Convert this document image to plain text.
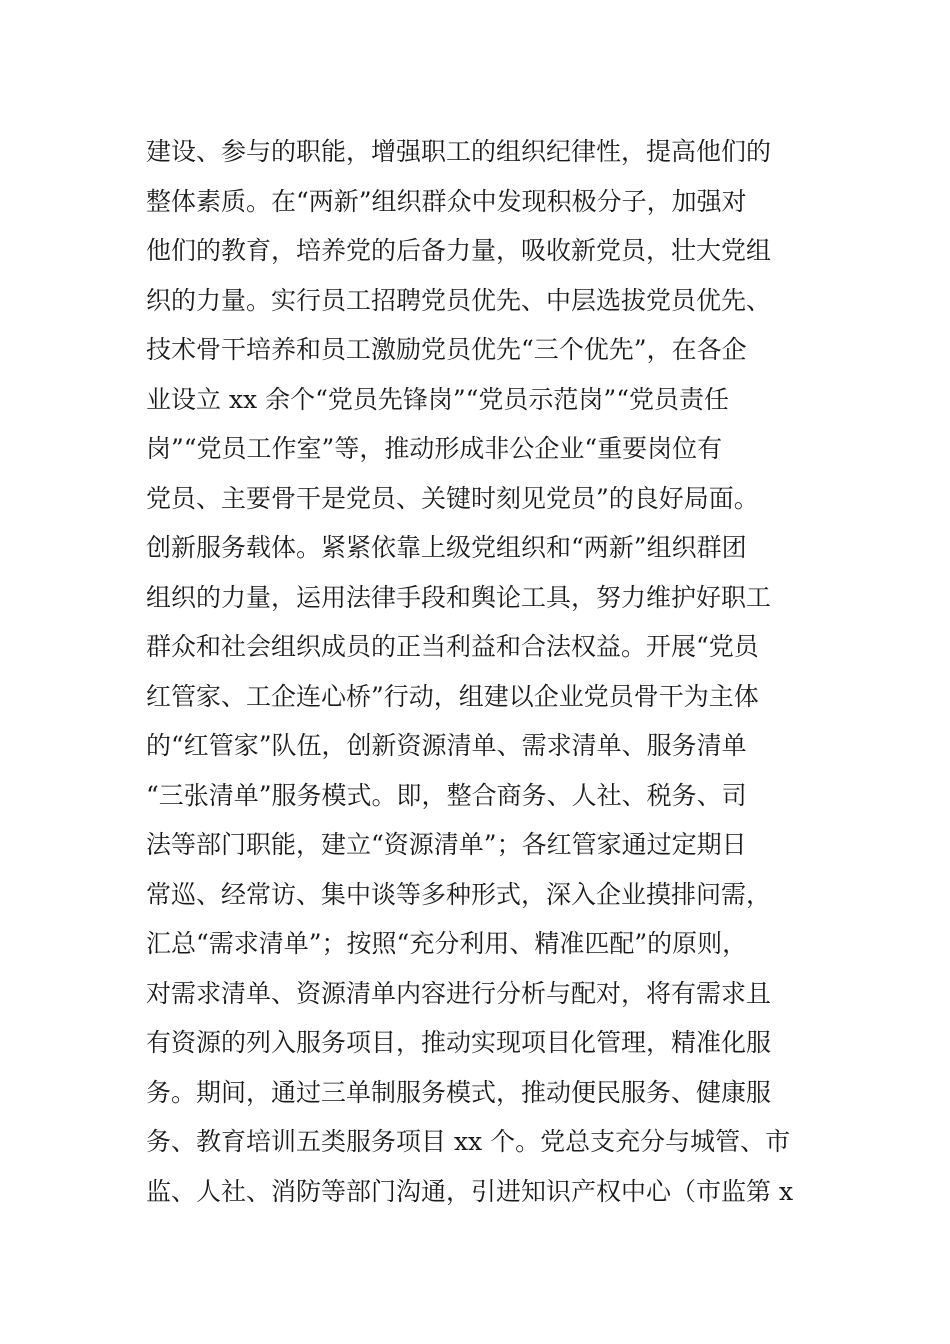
建设、参与的职能，增强职工的组织纪律性，提高他们的
整体素质。在“两新”组织群众中发现积极分子，加强对
他们的教育，培养党的后备力量，吸收新党员，壮大党组
织的力量。实行员工招聘党员优先、中层选拔党员优先、
技术骨干培养和员工激励党员优先“三个优先”，在各企
业设立 xx 余个“党员先锋岗”“党员示范岗”“党员责任
岗”“党员工作室”等，推动形成非公企业“重要岗位有
党员、主要骨干是党员、关键时刻见党员”的良好局面。
创新服务载体。紧紧依靠上级党组织和“两新”组织群团
组织的力量，运用法律手段和舆论工具，努力维护好职工
群众和社会组织成员的正当利益和合法权益。开展“党员
红管家、工企连心桥”行动，组建以企业党员骨干为主体
的“红管家”队伍，创新资源清单、需求清单、服务清单
“三张清单”服务模式。即，整合商务、人社、税务、司
法等部门职能，建立“资源清单”；各红管家通过定期日
常巡、经常访、集中谈等多种形式，深入企业摸排问需，
汇总“需求清单”；按照“充分利用、精准匹配”的原则，
对需求清单、资源清单内容进行分析与配对，将有需求且
有资源的列入服务项目，推动实现项目化管理，精准化服
务。期间，通过三单制服务模式，推动便民服务、健康服
务、教育培训五类服务项目 xx 个。党总支充分与城管、市
监、人社、消防等部门沟通，引进知识产权中心（市监第 x
